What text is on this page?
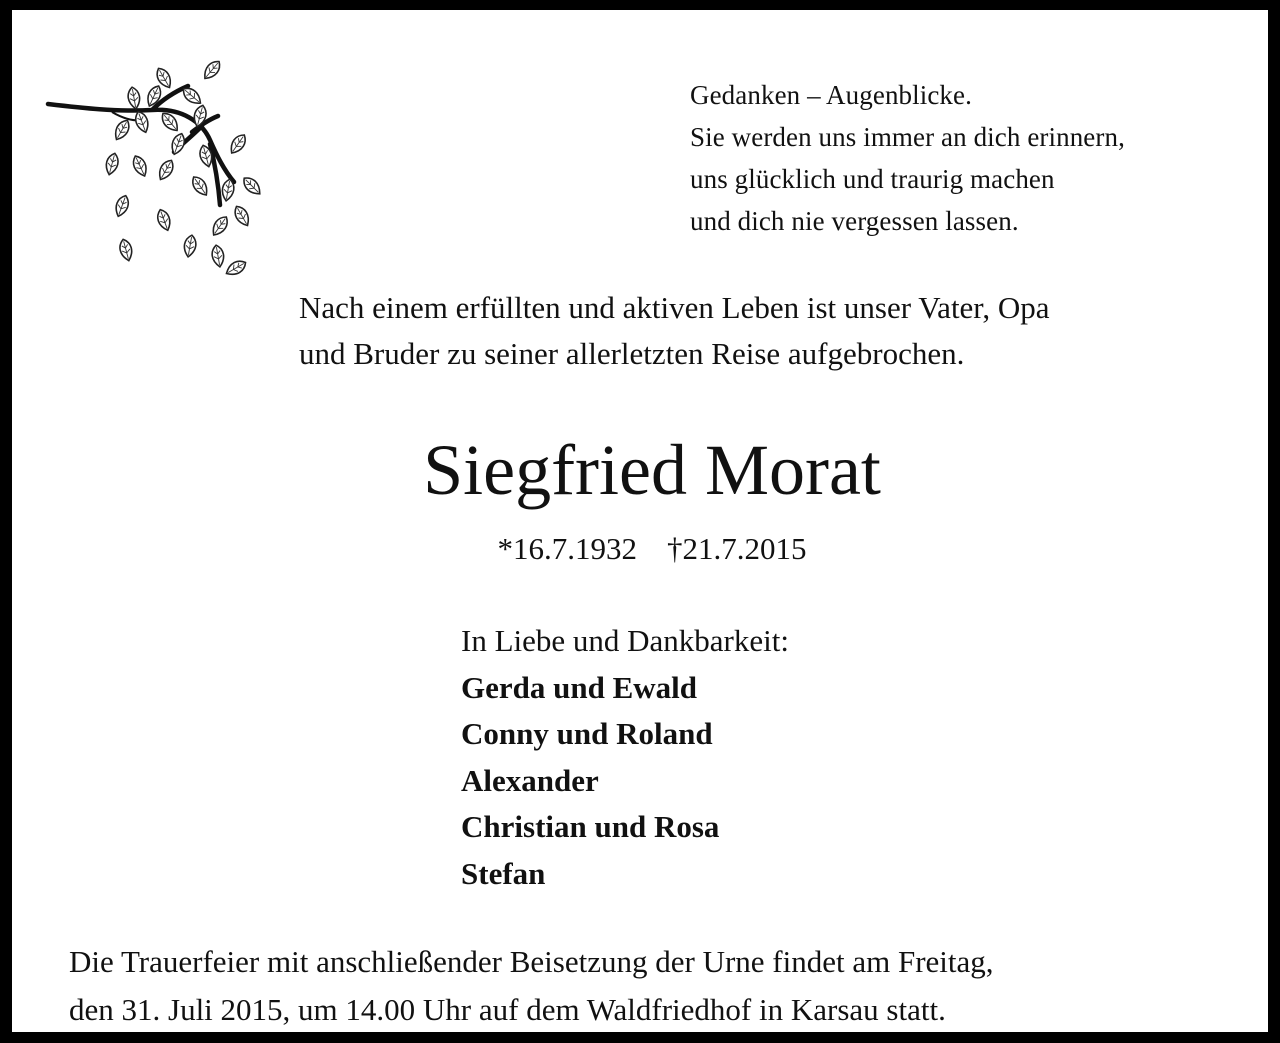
Gedanken – Augenblicke.
Sie werden uns immer an dich erinnern,
uns glücklich und traurig machen
und dich nie vergessen lassen.
Nach einem erfüllten und aktiven Leben ist unser Vater, Opa
und Bruder zu seiner allerletzten Reise aufgebrochen.
Siegfried Morat
*16.7.1932 †21.7.2015
In Liebe und Dankbarkeit:
Gerda und Ewald
Conny und Roland
Alexander
Christian und Rosa
Stefan
Die Trauerfeier mit anschließender Beisetzung der Urne findet am Freitag,
den 31. Juli 2015, um 14.00 Uhr auf dem Waldfriedhof in Karsau statt.
